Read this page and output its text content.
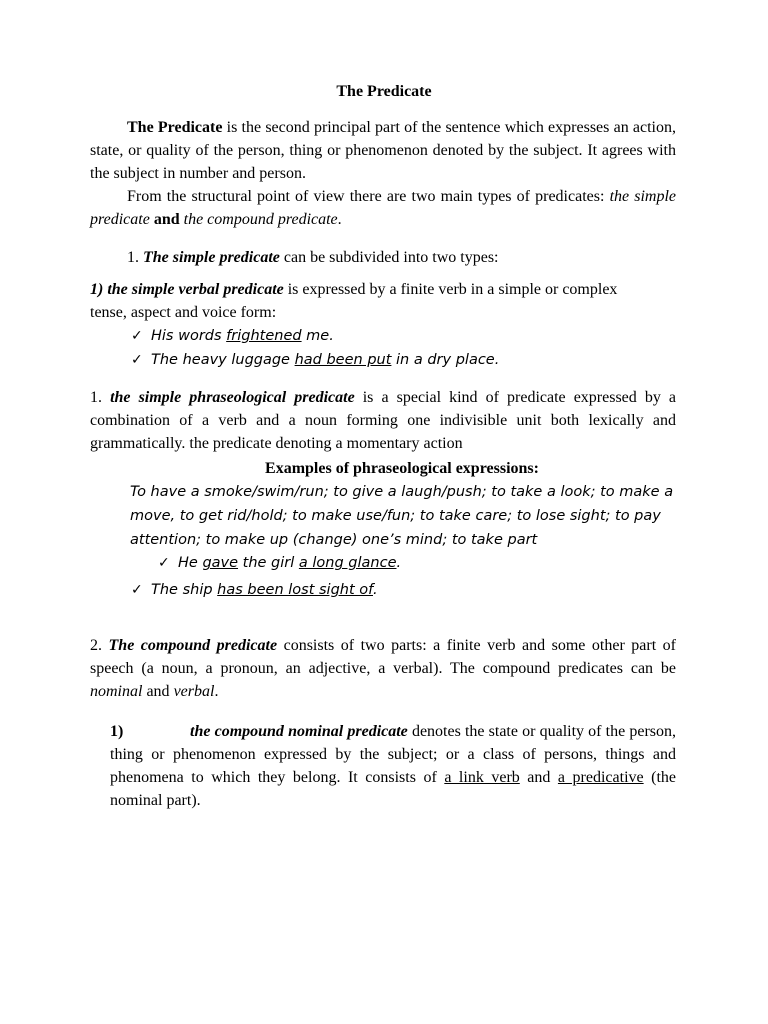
The Predicate
The Predicate is the second principal part of the sentence which expresses an action, state, or quality of the person, thing or phenomenon denoted by the subject. It agrees with the subject in number and person.
From the structural point of view there are two main types of predicates: the simple predicate and the compound predicate.
1. The simple predicate can be subdivided into two types:
1) the simple verbal predicate is expressed by a finite verb in a simple or complex tense, aspect and voice form:
✓ His words frightened me.
✓ The heavy luggage had been put in a dry place.
1. the simple phraseological predicate is a special kind of predicate expressed by a combination of a verb and a noun forming one indivisible unit both lexically and grammatically. the predicate denoting a momentary action
Examples of phraseological expressions:
To have a smoke/swim/run; to give a laugh/push; to take a look; to make a
move, to get rid/hold; to make use/fun; to take care; to lose sight; to pay
attention; to make up (change) one’s mind; to take part
✓ He gave the girl a long glance.
✓ The ship has been lost sight of.
2. The compound predicate consists of two parts: a finite verb and some other part of speech (a noun, a pronoun, an adjective, a verbal). The compound predicates can be nominal and verbal.
1)	the compound nominal predicate denotes the state or quality of the person, thing or phenomenon expressed by the subject; or a class of persons, things and phenomena to which they belong. It consists of a link verb and a predicative (the nominal part).
